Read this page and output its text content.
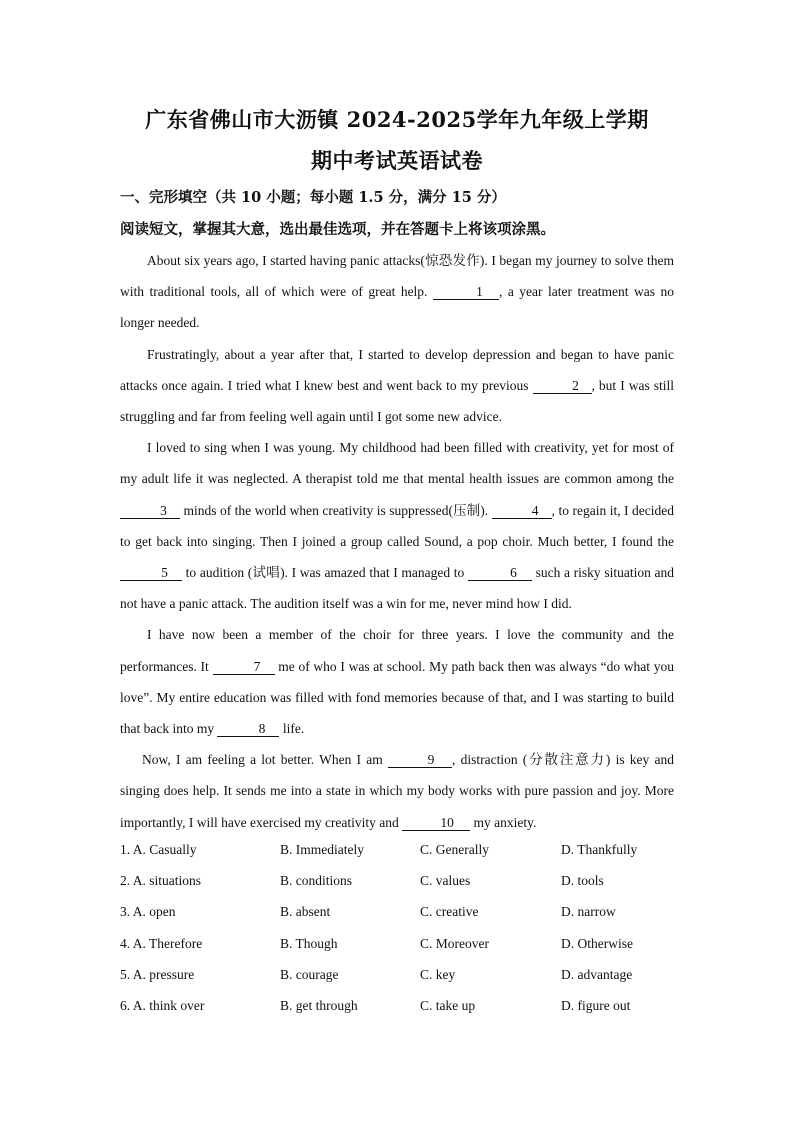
广东省佛山市大沥镇 2024-2025学年九年级上学期
期中考试英语试卷
一、完形填空（共 10 小题；每小题 1.5 分，满分 15 分）
阅读短文，掌握其大意，选出最佳选项，并在答题卡上将该项涂黑。

About six years ago, I started having panic attacks(惊恐发作). I began my journey to solve them with traditional tools, all of which were of great help.	1 , a year later treatment was no longer needed.

Frustratingly, about a year after that, I started to develop depression and began to have panic attacks once again. I tried what I knew best and went back to my previous	2 , but I was still struggling and far from feeling well again until I got some new advice.

I loved to sing when I was young. My childhood had been filled with creativity, yet for most of my adult life it was neglected. A therapist told me that mental health issues are common among the 3 minds of the world when creativity is suppressed(压制).	4 , to regain it, I decided to get back into singing. Then I joined a group called Sound, a pop choir. Much better, I found the 5 to audition (试唱). I was amazed that I managed to	6 such a risky situation and not have a panic attack. The audition itself was a win for me, never mind how I did.

I have now been a member of the choir for three years. I love the community and the performances. It	7 me of who I was at school. My path back then was always “do what you love”. My entire education was filled with fond memories because of that, and I was starting to build that back into my	8 life.

Now, I am feeling a lot better. When I am	9 , distraction (分散注意力) is key and singing does help. It sends me into a state in which my body works with pure passion and joy. More importantly, I will have exercised my creativity and	10 my anxiety.

1. A. Casually	B. Immediately	C. Generally	D. Thankfully
2. A. situations	B. conditions	C. values	D. tools
3. A. open	B. absent	C. creative	D. narrow
4. A. Therefore	B. Though	C. Moreover	D. Otherwise
5. A. pressure	B. courage	C. key	D. advantage
6. A. think over	B. get through	C. take up	D. figure out
